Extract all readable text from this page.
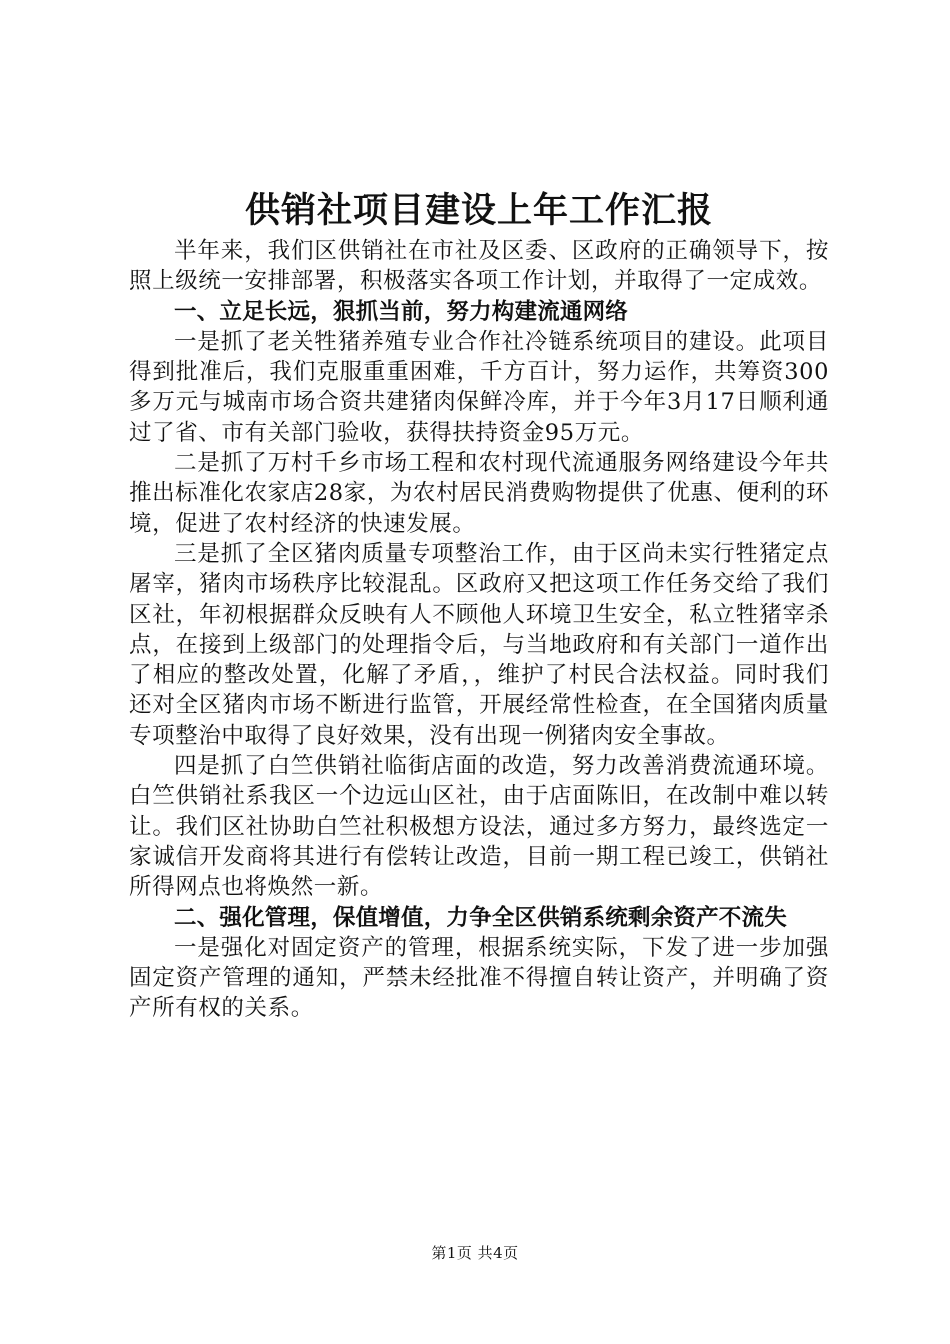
供销社项目建设上年工作汇报

半年来，我们区供销社在市社及区委、区政府的正确领导下，按照上级统一安排部署，积极落实各项工作计划，并取得了一定成效。

一、立足长远，狠抓当前，努力构建流通网络

一是抓了老关牲猪养殖专业合作社冷链系统项目的建设。此项目得到批准后，我们克服重重困难，千方百计，努力运作，共筹资300多万元与城南市场合资共建猪肉保鲜冷库，并于今年3月17日顺利通过了省、市有关部门验收，获得扶持资金95万元。

二是抓了万村千乡市场工程和农村现代流通服务网络建设今年共推出标准化农家店28家，为农村居民消费购物提供了优惠、便利的环境，促进了农村经济的快速发展。

三是抓了全区猪肉质量专项整治工作，由于区尚未实行牲猪定点屠宰，猪肉市场秩序比较混乱。区政府又把这项工作任务交给了我们区社，年初根据群众反映有人不顾他人环境卫生安全，私立牲猪宰杀点，在接到上级部门的处理指令后，与当地政府和有关部门一道作出了相应的整改处置，化解了矛盾，，维护了村民合法权益。同时我们还对全区猪肉市场不断进行监管，开展经常性检查，在全国猪肉质量专项整治中取得了良好效果，没有出现一例猪肉安全事故。

四是抓了白竺供销社临街店面的改造，努力改善消费流通环境。白竺供销社系我区一个边远山区社，由于店面陈旧，在改制中难以转让。我们区社协助白竺社积极想方设法，通过多方努力，最终选定一家诚信开发商将其进行有偿转让改造，目前一期工程已竣工，供销社所得网点也将焕然一新。

二、强化管理，保值增值，力争全区供销系统剩余资产不流失

一是强化对固定资产的管理，根据系统实际，下发了进一步加强固定资产管理的通知，严禁未经批准不得擅自转让资产，并明确了资产所有权的关系。

第1页 共4页
